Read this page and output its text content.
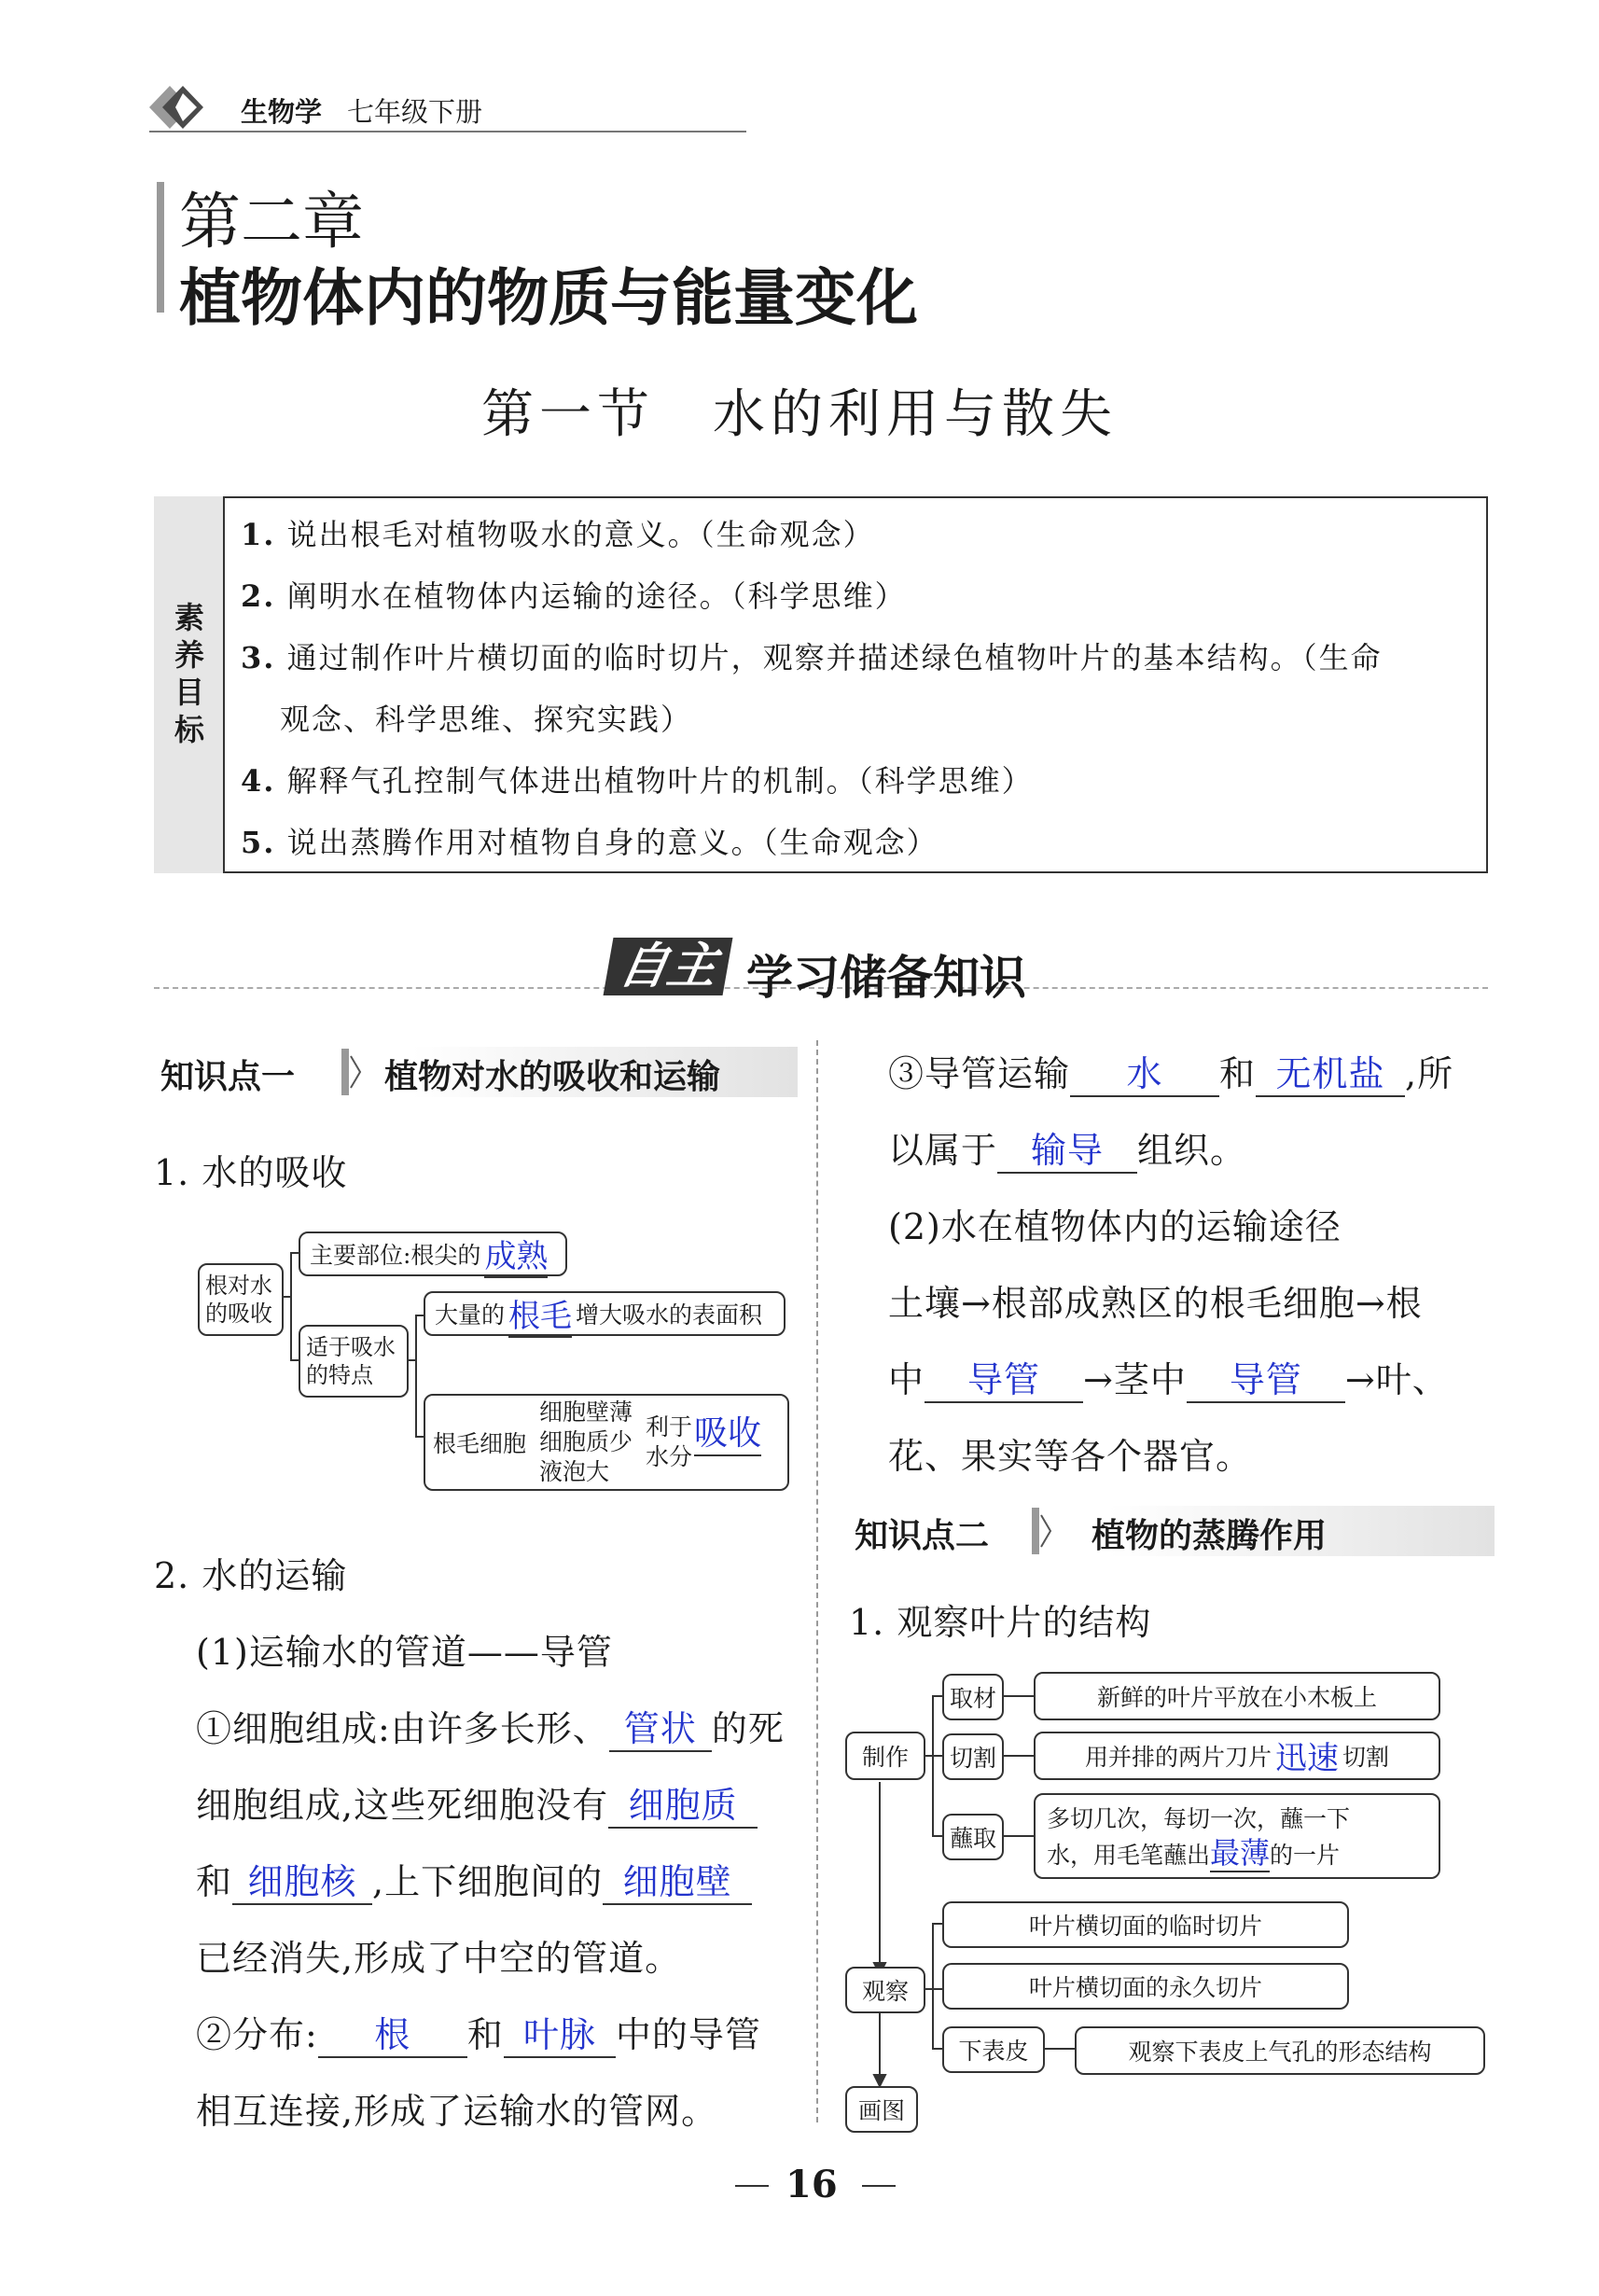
生物学 七年级下册
第二章
植物体内的物质与能量变化
第一节　水的利用与散失
素养目标
1. 说出根毛对植物吸水的意义。（生命观念）
2. 阐明水在植物体内运输的途径。（科学思维）
3. 通过制作叶片横切面的临时切片，观察并描述绿色植物叶片的基本结构。（生命
观念、科学思维、探究实践）
4. 解释气孔控制气体进出植物叶片的机制。（科学思维）
5. 说出蒸腾作用对植物自身的意义。（生命观念）
自主 学习储备知识
知识点一	植物对水的吸收和运输
1. 水的吸收
根对水的吸收
主要部位:根尖的 成熟
适于吸水的特点
大量的 根毛 增大吸水的表面积
根毛细胞
细胞壁薄
细胞质少
液泡大
利于
水分
吸收
2. 水的运输
(1)运输水的管道——导管
①细胞组成:由许多长形、 管状 的死
细胞组成,这些死细胞没有 细胞质
和 细胞核 ,上下细胞间的 细胞壁
已经消失,形成了中空的管道。
②分布: 根 和 叶脉 中的导管
相互连接,形成了运输水的管网。
③导管运输 水 和 无机盐 ,所
以属于 输导 组织。
(2)水在植物体内的运输途径
土壤→根部成熟区的根毛细胞→根
中 导管 →茎中 导管 →叶、
花、果实等各个器官。
知识点二	植物的蒸腾作用
1. 观察叶片的结构
制作
取材	新鲜的叶片平放在小木板上
切割	用并排的两片刀片 迅速 切割
蘸取
多切几次，每切一次，蘸一下
水，用毛笔蘸出最薄的一片
观察
叶片横切面的临时切片
叶片横切面的永久切片
下表皮	观察下表皮上气孔的形态结构
画图
16
